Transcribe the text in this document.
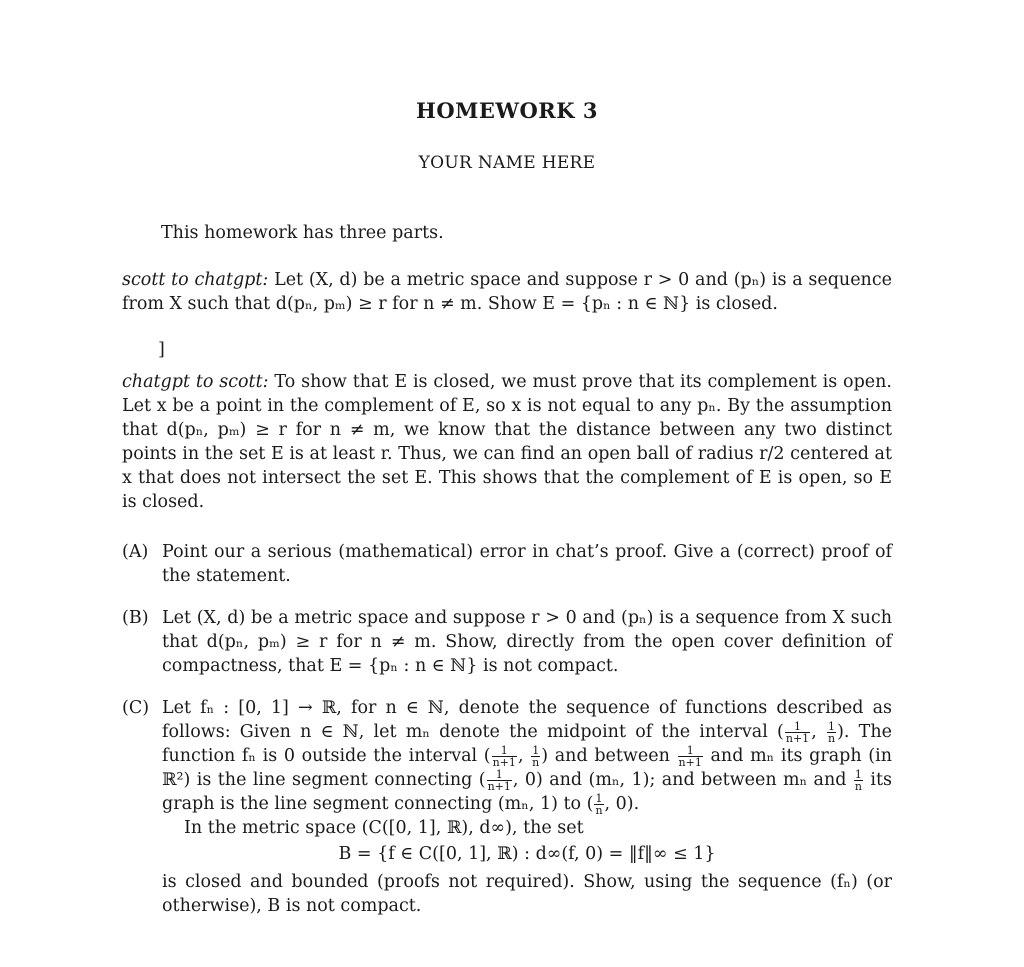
HOMEWORK 3
YOUR NAME HERE
This homework has three parts.
scott to chatgpt: Let (X, d) be a metric space and suppose r > 0 and (pₙ) is a sequence from X such that d(pₙ, pₘ) ≥ r for n ≠ m. Show E = {pₙ : n ∈ ℕ} is closed.
]
chatgpt to scott: To show that E is closed, we must prove that its complement is open. Let x be a point in the complement of E, so x is not equal to any pₙ. By the assumption that d(pₙ, pₘ) ≥ r for n ≠ m, we know that the distance between any two distinct points in the set E is at least r. Thus, we can find an open ball of radius r/2 centered at x that does not intersect the set E. This shows that the complement of E is open, so E is closed.
(A) Point our a serious (mathematical) error in chat’s proof. Give a (correct) proof of the statement.
(B) Let (X, d) be a metric space and suppose r > 0 and (pₙ) is a sequence from X such that d(pₙ, pₘ) ≥ r for n ≠ m. Show, directly from the open cover definition of compactness, that E = {pₙ : n ∈ ℕ} is not compact.
(C) Let fₙ : [0, 1] → ℝ, for n ∈ ℕ, denote the sequence of functions described as follows: Given n ∈ ℕ, let mₙ denote the midpoint of the interval ( $\frac{1}{n+1}$ , $\frac{1}{n}$ ). The function fₙ is 0 outside the interval ( $\frac{1}{n+1}$ , $\frac{1}{n}$ ) and between $\frac{1}{n+1}$ and mₙ its graph (in ℝ²) is the line segment connecting ( $\frac{1}{n+1}$ , 0) and (mₙ, 1); and between mₙ and $\frac{1}{n}$ its graph is the line segment connecting (mₙ, 1) to ( $\frac{1}{n}$ , 0).
In the metric space (C([0, 1], ℝ), d∞), the set
B = {f ∈ C([0, 1], ℝ) : d∞(f, 0) = ‖f‖∞ ≤ 1}
is closed and bounded (proofs not required). Show, using the sequence (fₙ) (or otherwise), B is not compact.
